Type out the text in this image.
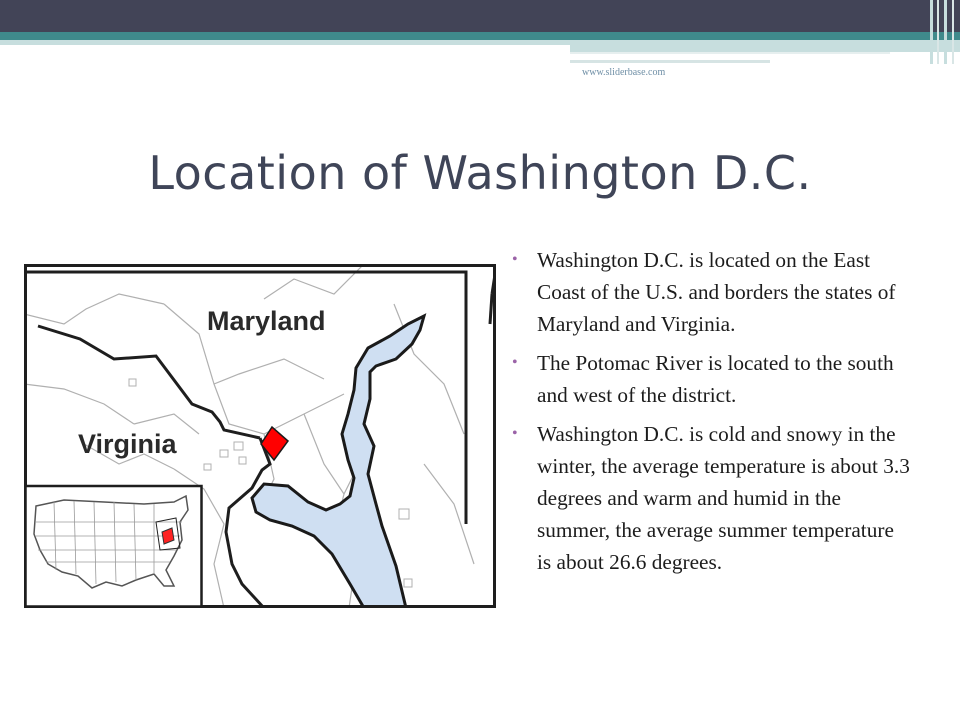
www.sliderbase.com
Location of Washington D.C.
Maryland
Virginia
• Washington D.C. is located on the East Coast of the U.S. and borders the states of Maryland and Virginia.
• The Potomac River is located to the south and west of the district.
• Washington D.C. is cold and snowy in the winter, the average temperature is about 3.3 degrees and warm and humid in the summer, the average summer temperature is about 26.6 degrees.
